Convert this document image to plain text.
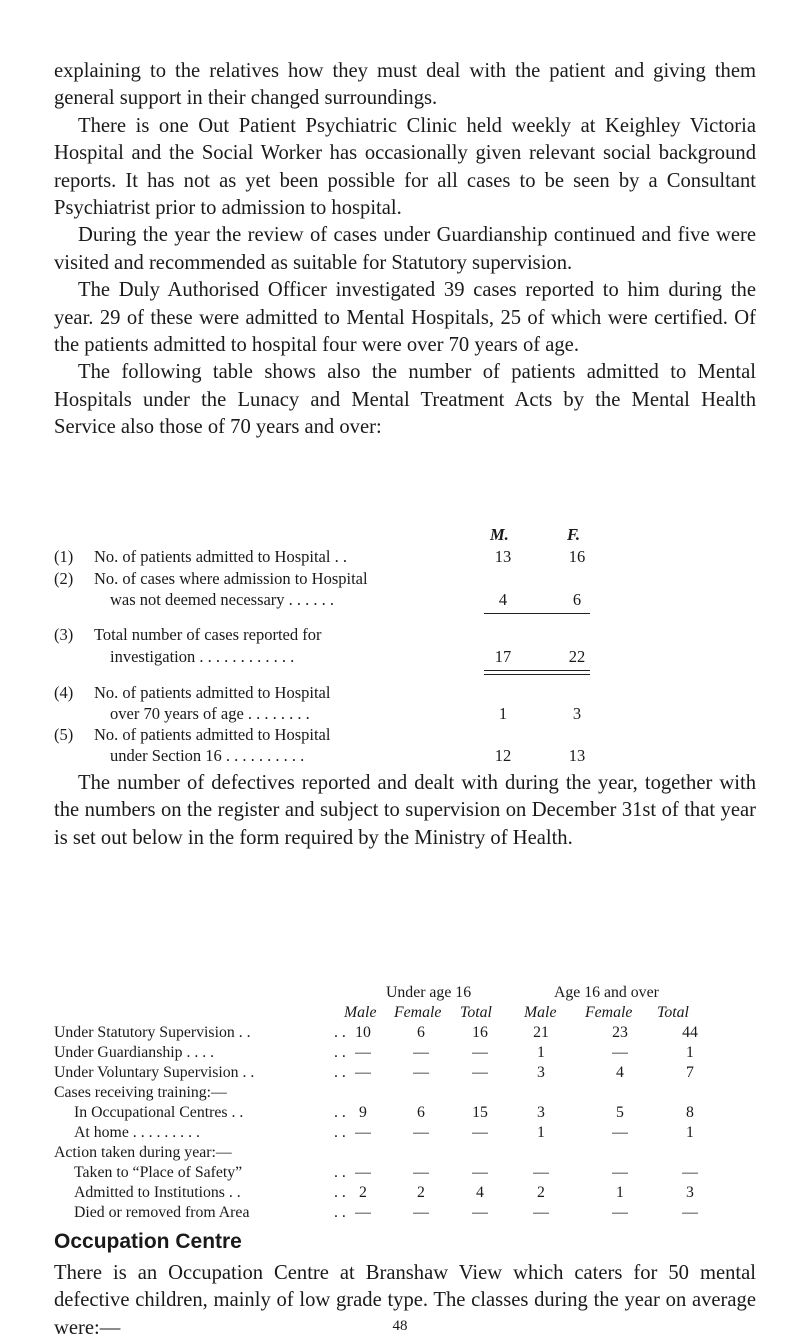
explaining to the relatives how they must deal with the patient and giving them general support in their changed surroundings.

There is one Out Patient Psychiatric Clinic held weekly at Keighley Victoria Hospital and the Social Worker has occasionally given relevant social background reports. It has not as yet been possible for all cases to be seen by a Consultant Psychiatrist prior to admission to hospital.

During the year the review of cases under Guardianship continued and five were visited and recommended as suitable for Statutory supervision.

The Duly Authorised Officer investigated 39 cases reported to him during the year. 29 of these were admitted to Mental Hospitals, 25 of which were certified. Of the patients admitted to hospital four were over 70 years of age.

The following table shows also the number of patients admitted to Mental Hospitals under the Lunacy and Mental Treatment Acts by the Mental Health Service also those of 70 years and over:

M.	F.
(1) No. of patients admitted to Hospital . .	13	16
(2) No. of cases where admission to Hospital
was not deemed necessary . . . . . .	4	6
(3) Total number of cases reported for
investigation . . . . . . . . . . . .	17	22
(4) No. of patients admitted to Hospital
over 70 years of age . . . . . . . .	1	3
(5) No. of patients admitted to Hospital
under Section 16 . . . . . . . . . .	12	13

The number of defectives reported and dealt with during the year, together with the numbers on the register and subject to supervision on December 31st of that year is set out below in the form required by the Ministry of Health.

Under age 16	Age 16 and over
Male Female Total Male Female Total
Under Statutory Supervision . .	. . 10	6	16	21	23	44
Under Guardianship . . . .	. . —	—	—	1	—	1
Under Voluntary Supervision . .	. . —	—	—	3	4	7
Cases receiving training:—
In Occupational Centres . .	. . 9	6	15	3	5	8
At home . . . . . . . . .	. . —	—	—	1	—	1
Action taken during year:—
Taken to “Place of Safety”	. . —	—	—	—	—	—
Admitted to Institutions . .	. . 2	2	4	2	1	3
Died or removed from Area	. . —	—	—	—	—	—
Occupation Centre

There is an Occupation Centre at Branshaw View which caters for 50 mental defective children, mainly of low grade type. The classes during the year on average were:—	48
